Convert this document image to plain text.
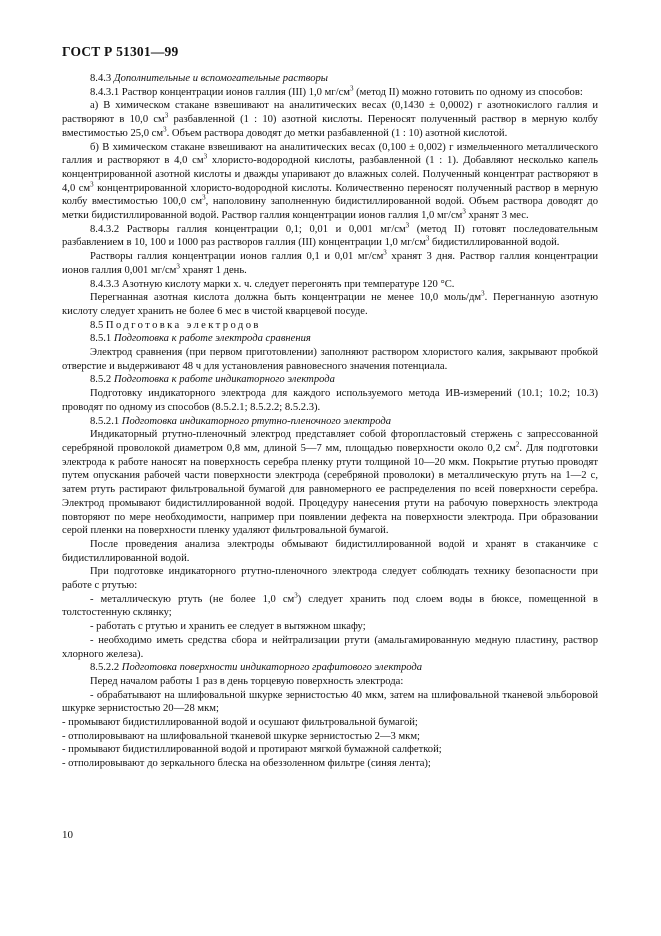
ГОСТ Р 51301—99

8.4.3 Дополнительные и вспомогательные растворы

8.4.3.1 Раствор концентрации ионов галлия (III) 1,0 $мг/см^3$ (метод II) можно готовить по одному из способов:

а) В химическом стакане взвешивают на аналитических весах (0,1430 ± 0,0002) г азотнокислого галлия и растворяют в 10,0 $см^3$ разбавленной (1 : 10) азотной кислоты. Переносят полученный раствор в мерную колбу вместимостью 25,0 $см^3$. Объем раствора доводят до метки разбавленной (1 : 10) азотной кислотой.

б) В химическом стакане взвешивают на аналитических весах (0,100 ± 0,002) г измельченного металлического галлия и растворяют в 4,0 $см^3$ хлористо-водородной кислоты, разбавленной (1 : 1). Добавляют несколько капель концентрированной азотной кислоты и дважды упаривают до влажных солей. Полученный концентрат растворяют в 4,0 $см^3$ концентрированной хлористо-водородной кислоты. Количественно переносят полученный раствор в мерную колбу вместимостью 100,0 $см^3$, наполовину заполненную бидистиллированной водой. Объем раствора доводят до метки бидистиллированной водой. Раствор галлия концентрации ионов галлия 1,0 $мг/см^3$ хранят 3 мес.

8.4.3.2 Растворы галлия концентрации 0,1; 0,01 и 0,001 $мг/см^3$ (метод II) готовят последовательным разбавлением в 10, 100 и 1000 раз растворов галлия (III) концентрации 1,0 $мг/см^3$ бидистиллированной водой.

Растворы галлия концентрации ионов галлия 0,1 и 0,01 $мг/см^3$ хранят 3 дня. Раствор галлия концентрации ионов галлия 0,001 $мг/см^3$ хранят 1 день.

8.4.3.3 Азотную кислоту марки х. ч. следует перегонять при температуре 120 °С.

Перегнанная азотная кислота должна быть концентрации не менее 10,0 моль/$дм^3$. Перегнанную азотную кислоту следует хранить не более 6 мес в чистой кварцевой посуде.

8.5 Подготовка электродов

8.5.1 Подготовка к работе электрода сравнения

Электрод сравнения (при первом приготовлении) заполняют раствором хлористого калия, закрывают пробкой отверстие и выдерживают 48 ч для установления равновесного значения потенциала.

8.5.2 Подготовка к работе индикаторного электрода

Подготовку индикаторного электрода для каждого используемого метода ИВ-измерений (10.1; 10.2; 10.3) проводят по одному из способов (8.5.2.1; 8.5.2.2; 8.5.2.3).

8.5.2.1 Подготовка индикаторного ртутно-пленочного электрода

Индикаторный ртутно-пленочный электрод представляет собой фторопластовый стержень с запрессованной серебряной проволокой диаметром 0,8 мм, длиной 5—7 мм, площадью поверхности около 0,2 $см^2$. Для подготовки электрода к работе наносят на поверхность серебра пленку ртути толщиной 10—20 мкм. Покрытие ртутью проводят путем опускания рабочей части поверхности электрода (серебряной проволоки) в металлическую ртуть на 1—2 с, затем ртуть растирают фильтровальной бумагой для равномерного ее распределения по всей поверхности серебра. Электрод промывают бидистиллированной водой. Процедуру нанесения ртути на рабочую поверхность электрода повторяют по мере необходимости, например при появлении дефекта на поверхности электрода. При образовании серой пленки на поверхности пленку удаляют фильтровальной бумагой.

После проведения анализа электроды обмывают бидистиллированной водой и хранят в стаканчике с бидистиллированной водой.

При подготовке индикаторного ртутно-пленочного электрода следует соблюдать технику безопасности при работе с ртутью:

- металлическую ртуть (не более 1,0 $см^3$) следует хранить под слоем воды в бюксе, помещенной в толстостенную склянку;

- работать с ртутью и хранить ее следует в вытяжном шкафу;

- необходимо иметь средства сбора и нейтрализации ртути (амальгамированную медную пластину, раствор хлорного железа).

8.5.2.2 Подготовка поверхности индикаторного графитового электрода

Перед началом работы 1 раз в день торцевую поверхность электрода:

- обрабатывают на шлифовальной шкурке зернистостью 40 мкм, затем на шлифовальной тканевой эльборовой шкурке зернистостью 20—28 мкм;

- промывают бидистиллированной водой и осушают фильтровальной бумагой;

- отполировывают на шлифовальной тканевой шкурке зернистостью 2—3 мкм;

- промывают бидистиллированной водой и протирают мягкой бумажной салфеткой;

- отполировывают до зеркального блеска на обеззоленном фильтре (синяя лента);

10
